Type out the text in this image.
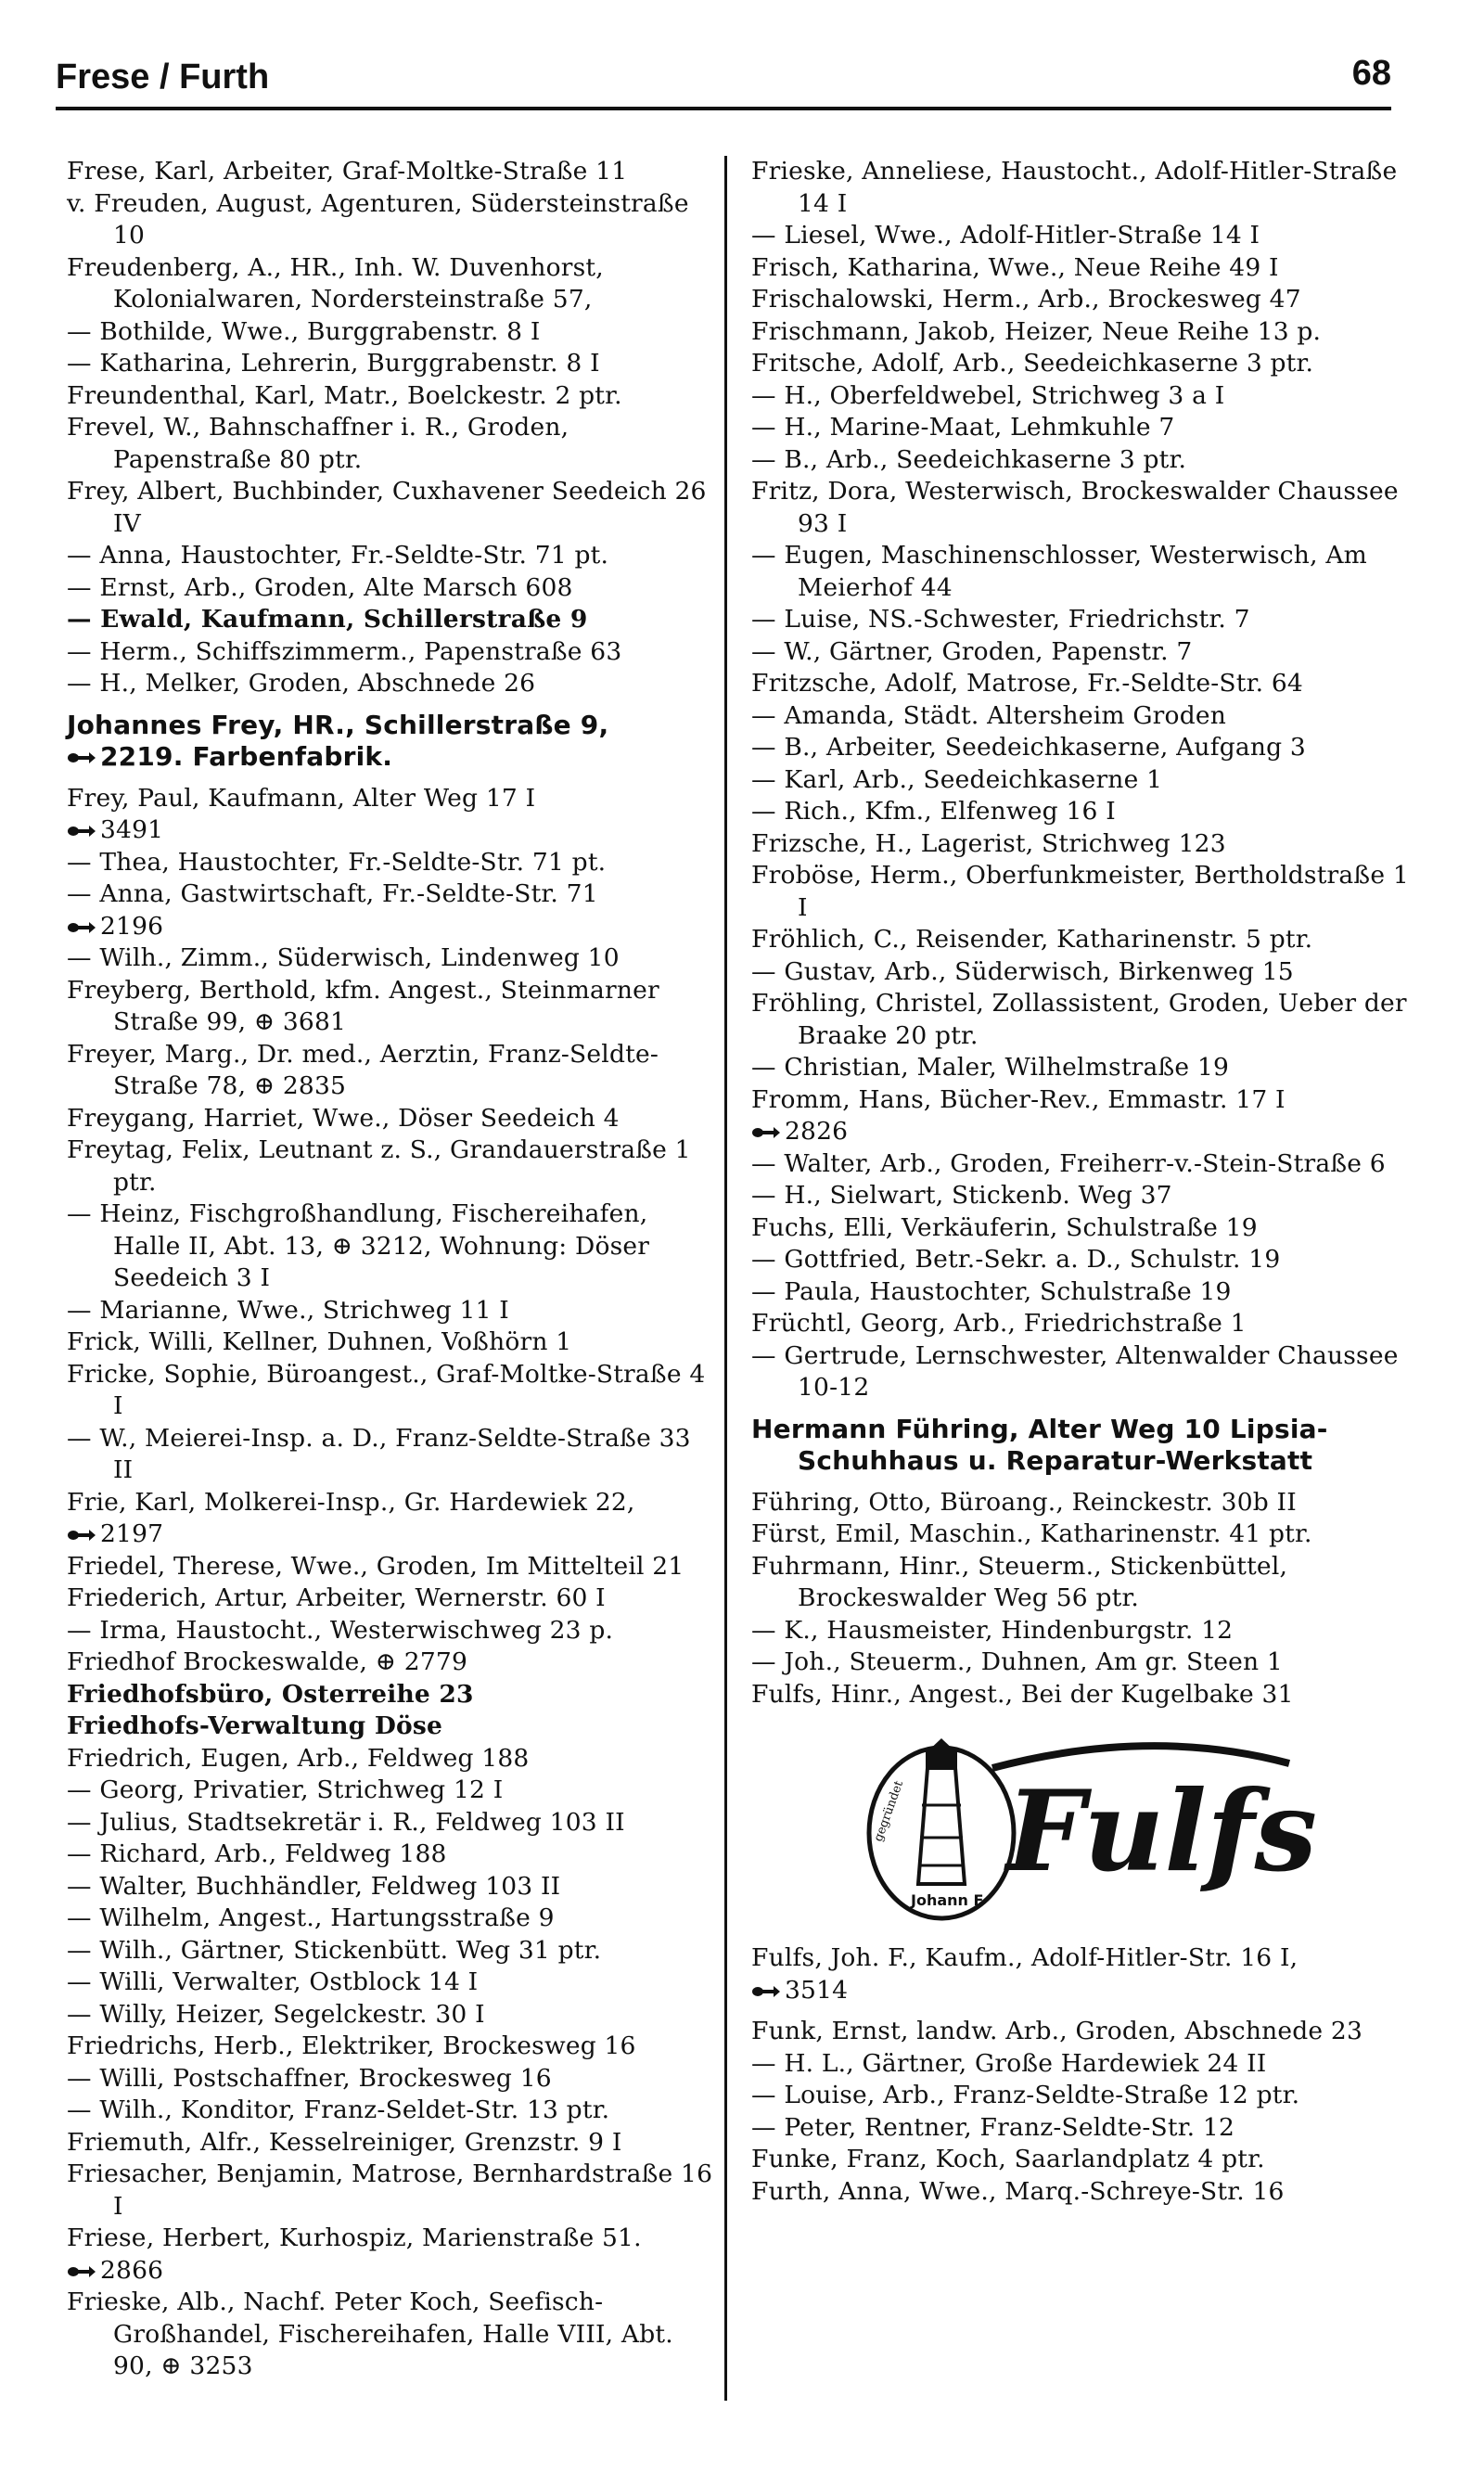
Frese / Furth	68
Frese, Karl, Arbeiter, Graf-Moltke-Straße 11
v. Freuden, August, Agenturen, Südersteinstraße 10
Freudenberg, A., HR., Inh. W. Duvenhorst, Kolonialwaren, Nordersteinstraße 57,
— Bothilde, Wwe., Burggrabenstr. 8 I
— Katharina, Lehrerin, Burggrabenstr. 8 I
Freundenthal, Karl, Matr., Boelckestr. 2 ptr.
Frevel, W., Bahnschaffner i. R., Groden, Papenstraße 80 ptr.
Frey, Albert, Buchbinder, Cuxhavener Seedeich 26 IV
— Anna, Haustochter, Fr.-Seldte-Str. 71 pt.
— Ernst, Arb., Groden, Alte Marsch 608
— Ewald, Kaufmann, Schillerstraße 9
— Herm., Schiffszimmerm., Papenstraße 63
— H., Melker, Groden, Abschnede 26
Johannes Frey, HR., Schillerstraße 9,
2219. Farbenfabrik.
Frey, Paul, Kaufmann, Alter Weg 17 I
3491
— Thea, Haustochter, Fr.-Seldte-Str. 71 pt.
— Anna, Gastwirtschaft, Fr.-Seldte-Str. 71
2196
— Wilh., Zimm., Süderwisch, Lindenweg 10
Freyberg, Berthold, kfm. Angest., Steinmarner Straße 99, ⊕ 3681
Freyer, Marg., Dr. med., Aerztin, Franz-Seldte-Straße 78, ⊕ 2835
Freygang, Harriet, Wwe., Döser Seedeich 4
Freytag, Felix, Leutnant z. S., Grandauerstraße 1 ptr.
— Heinz, Fischgroßhandlung, Fischereihafen, Halle II, Abt. 13, ⊕ 3212, Wohnung: Döser Seedeich 3 I
— Marianne, Wwe., Strichweg 11 I
Frick, Willi, Kellner, Duhnen, Voßhörn 1
Fricke, Sophie, Büroangest., Graf-Moltke-Straße 4 I
— W., Meierei-Insp. a. D., Franz-Seldte-Straße 33 II
Frie, Karl, Molkerei-Insp., Gr. Hardewiek 22,
2197
Friedel, Therese, Wwe., Groden, Im Mittelteil 21
Friederich, Artur, Arbeiter, Wernerstr. 60 I
— Irma, Haustocht., Westerwischweg 23 p.
Friedhof Brockeswalde, ⊕ 2779
Friedhofsbüro, Osterreihe 23
Friedhofs-Verwaltung Döse
Friedrich, Eugen, Arb., Feldweg 188
— Georg, Privatier, Strichweg 12 I
— Julius, Stadtsekretär i. R., Feldweg 103 II
— Richard, Arb., Feldweg 188
— Walter, Buchhändler, Feldweg 103 II
— Wilhelm, Angest., Hartungsstraße 9
— Wilh., Gärtner, Stickenbütt. Weg 31 ptr.
— Willi, Verwalter, Ostblock 14 I
— Willy, Heizer, Segelckestr. 30 I
Friedrichs, Herb., Elektriker, Brockesweg 16
— Willi, Postschaffner, Brockesweg 16
— Wilh., Konditor, Franz-Seldet-Str. 13 ptr.
Friemuth, Alfr., Kesselreiniger, Grenzstr. 9 I
Friesacher, Benjamin, Matrose, Bernhardstraße 16 I
Friese, Herbert, Kurhospiz, Marienstraße 51.
2866
Frieske, Alb., Nachf. Peter Koch, Seefisch-Großhandel, Fischereihafen, Halle VIII, Abt. 90, ⊕ 3253
Frieske, Anneliese, Haustocht., Adolf-Hitler-Straße 14 I
— Liesel, Wwe., Adolf-Hitler-Straße 14 I
Frisch, Katharina, Wwe., Neue Reihe 49 I
Frischalowski, Herm., Arb., Brockesweg 47
Frischmann, Jakob, Heizer, Neue Reihe 13 p.
Fritsche, Adolf, Arb., Seedeichkaserne 3 ptr.
— H., Oberfeldwebel, Strichweg 3 a I
— H., Marine-Maat, Lehmkuhle 7
— B., Arb., Seedeichkaserne 3 ptr.
Fritz, Dora, Westerwisch, Brockeswalder Chaussee 93 I
— Eugen, Maschinenschlosser, Westerwisch, Am Meierhof 44
— Luise, NS.-Schwester, Friedrichstr. 7
— W., Gärtner, Groden, Papenstr. 7
Fritzsche, Adolf, Matrose, Fr.-Seldte-Str. 64
— Amanda, Städt. Altersheim Groden
— B., Arbeiter, Seedeichkaserne, Aufgang 3
— Karl, Arb., Seedeichkaserne 1
— Rich., Kfm., Elfenweg 16 I
Frizsche, H., Lagerist, Strichweg 123
Froböse, Herm., Oberfunkmeister, Bertholdstraße 1 I
Fröhlich, C., Reisender, Katharinenstr. 5 ptr.
— Gustav, Arb., Süderwisch, Birkenweg 15
Fröhling, Christel, Zollassistent, Groden, Ueber der Braake 20 ptr.
— Christian, Maler, Wilhelmstraße 19
Fromm, Hans, Bücher-Rev., Emmastr. 17 I
2826
— Walter, Arb., Groden, Freiherr-v.-Stein-Straße 6
— H., Sielwart, Stickenb. Weg 37
Fuchs, Elli, Verkäuferin, Schulstraße 19
— Gottfried, Betr.-Sekr. a. D., Schulstr. 19
— Paula, Haustochter, Schulstraße 19
Früchtl, Georg, Arb., Friedrichstraße 1
— Gertrude, Lernschwester, Altenwalder Chaussee 10-12
Hermann Führing, Alter Weg 10 Lipsia-Schuhhaus u. Reparatur-Werkstatt
Führing, Otto, Büroang., Reinckestr. 30b II
Fürst, Emil, Maschin., Katharinenstr. 41 ptr.
Fuhrmann, Hinr., Steuerm., Stickenbüttel, Brockeswalder Weg 56 ptr.
— K., Hausmeister, Hindenburgstr. 12
— Joh., Steuerm., Duhnen, Am gr. Steen 1
Fulfs, Hinr., Angest., Bei der Kugelbake 31
gegründet
Johann F
Fulfs
Fulfs, Joh. F., Kaufm., Adolf-Hitler-Str. 16 I,
3514
Funk, Ernst, landw. Arb., Groden, Abschnede 23
— H. L., Gärtner, Große Hardewiek 24 II
— Louise, Arb., Franz-Seldte-Straße 12 ptr.
— Peter, Rentner, Franz-Seldte-Str. 12
Funke, Franz, Koch, Saarlandplatz 4 ptr.
Furth, Anna, Wwe., Marq.-Schreye-Str. 16
